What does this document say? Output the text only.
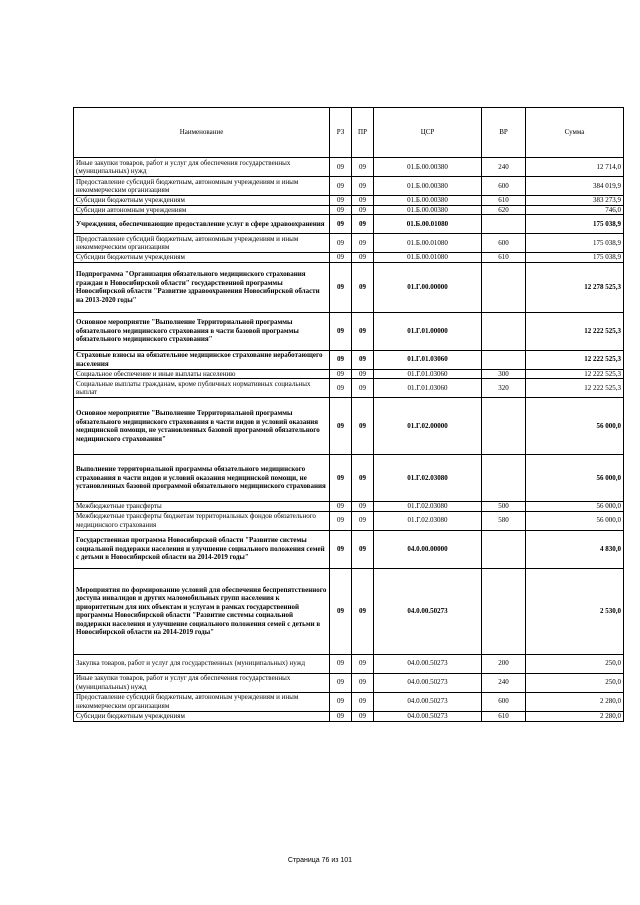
Наименование	РЗ	ПР	ЦСР	ВР	Сумма
Иные закупки товаров, работ и услуг для обеспечения государственных (муниципальных) нужд	09	09	01.Б.00.00380	240	12 714,0
Предоставление субсидий бюджетным, автономным учреждениям и иным некоммерческим организациям	09	09	01.Б.00.00380	600	384 019,9
Субсидии бюджетным учреждениям	09	09	01.Б.00.00380	610	383 273,9
Субсидии автономным учреждениям	09	09	01.Б.00.00380	620	746,0
Учреждения, обеспечивающие предоставление услуг в сфере здравоохранения	09	09	01.Б.00.01080		175 038,9
Предоставление субсидий бюджетным, автономным учреждениям и иным некоммерческим организациям	09	09	01.Б.00.01080	600	175 038,9
Субсидии бюджетным учреждениям	09	09	01.Б.00.01080	610	175 038,9
Подпрограмма "Организация обязательного медицинского страхования граждан в Новосибирской области" государственной программы Новосибирской области "Развитие здравоохранения Новосибирской области на 2013-2020 годы"	09	09	01.Г.00.00000		12 278 525,3
Основное мероприятие "Выполнение Территориальной программы обязательного медицинского страхования в части базовой программы обязательного медицинского страхования"	09	09	01.Г.01.00000		12 222 525,3
Страховые взносы на обязательное медицинское страхование неработающего населения	09	09	01.Г.01.03060		12 222 525,3
Социальное обеспечение и иные выплаты населению	09	09	01.Г.01.03060	300	12 222 525,3
Социальные выплаты гражданам, кроме публичных нормативных социальных выплат	09	09	01.Г.01.03060	320	12 222 525,3
Основное мероприятие "Выполнение Территориальной программы обязательного медицинского страхования в части видов и условий оказания медицинской помощи, не установленных базовой программой обязательного медицинского страхования"	09	09	01.Г.02.00000		56 000,0
Выполнение территориальной программы обязательного медицинского страхования в части видов и условий оказания медицинской помощи, не установленных базовой программой обязательного медицинского страхования	09	09	01.Г.02.03080		56 000,0
Межбюджетные трансферты	09	09	01.Г.02.03080	500	56 000,0
Межбюджетные трансферты бюджетам территориальных фондов обязательного медицинского страхования	09	09	01.Г.02.03080	580	56 000,0
Государственная программа Новосибирской области "Развитие системы социальной поддержки населения и улучшение социального положения семей с детьми в Новосибирской области на 2014-2019 годы"	09	09	04.0.00.00000		4 830,0
Мероприятия по формированию условий для обеспечения беспрепятственного доступа инвалидов и других маломобильных групп населения к приоритетным для них объектам и услугам в рамках государственной программы Новосибирской области "Развитие системы социальной поддержки населения и улучшение социального положения семей с детьми в Новосибирской области на 2014-2019 годы"	09	09	04.0.00.50273		2 530,0
Закупка товаров, работ и услуг для государственных (муниципальных) нужд	09	09	04.0.00.50273	200	250,0
Иные закупки товаров, работ и услуг для обеспечения государственных (муниципальных) нужд	09	09	04.0.00.50273	240	250,0
Предоставление субсидий бюджетным, автономным учреждениям и иным некоммерческим организациям	09	09	04.0.00.50273	600	2 280,0
Субсидии бюджетным учреждениям	09	09	04.0.00.50273	610	2 280,0
Страница 76 из 101
